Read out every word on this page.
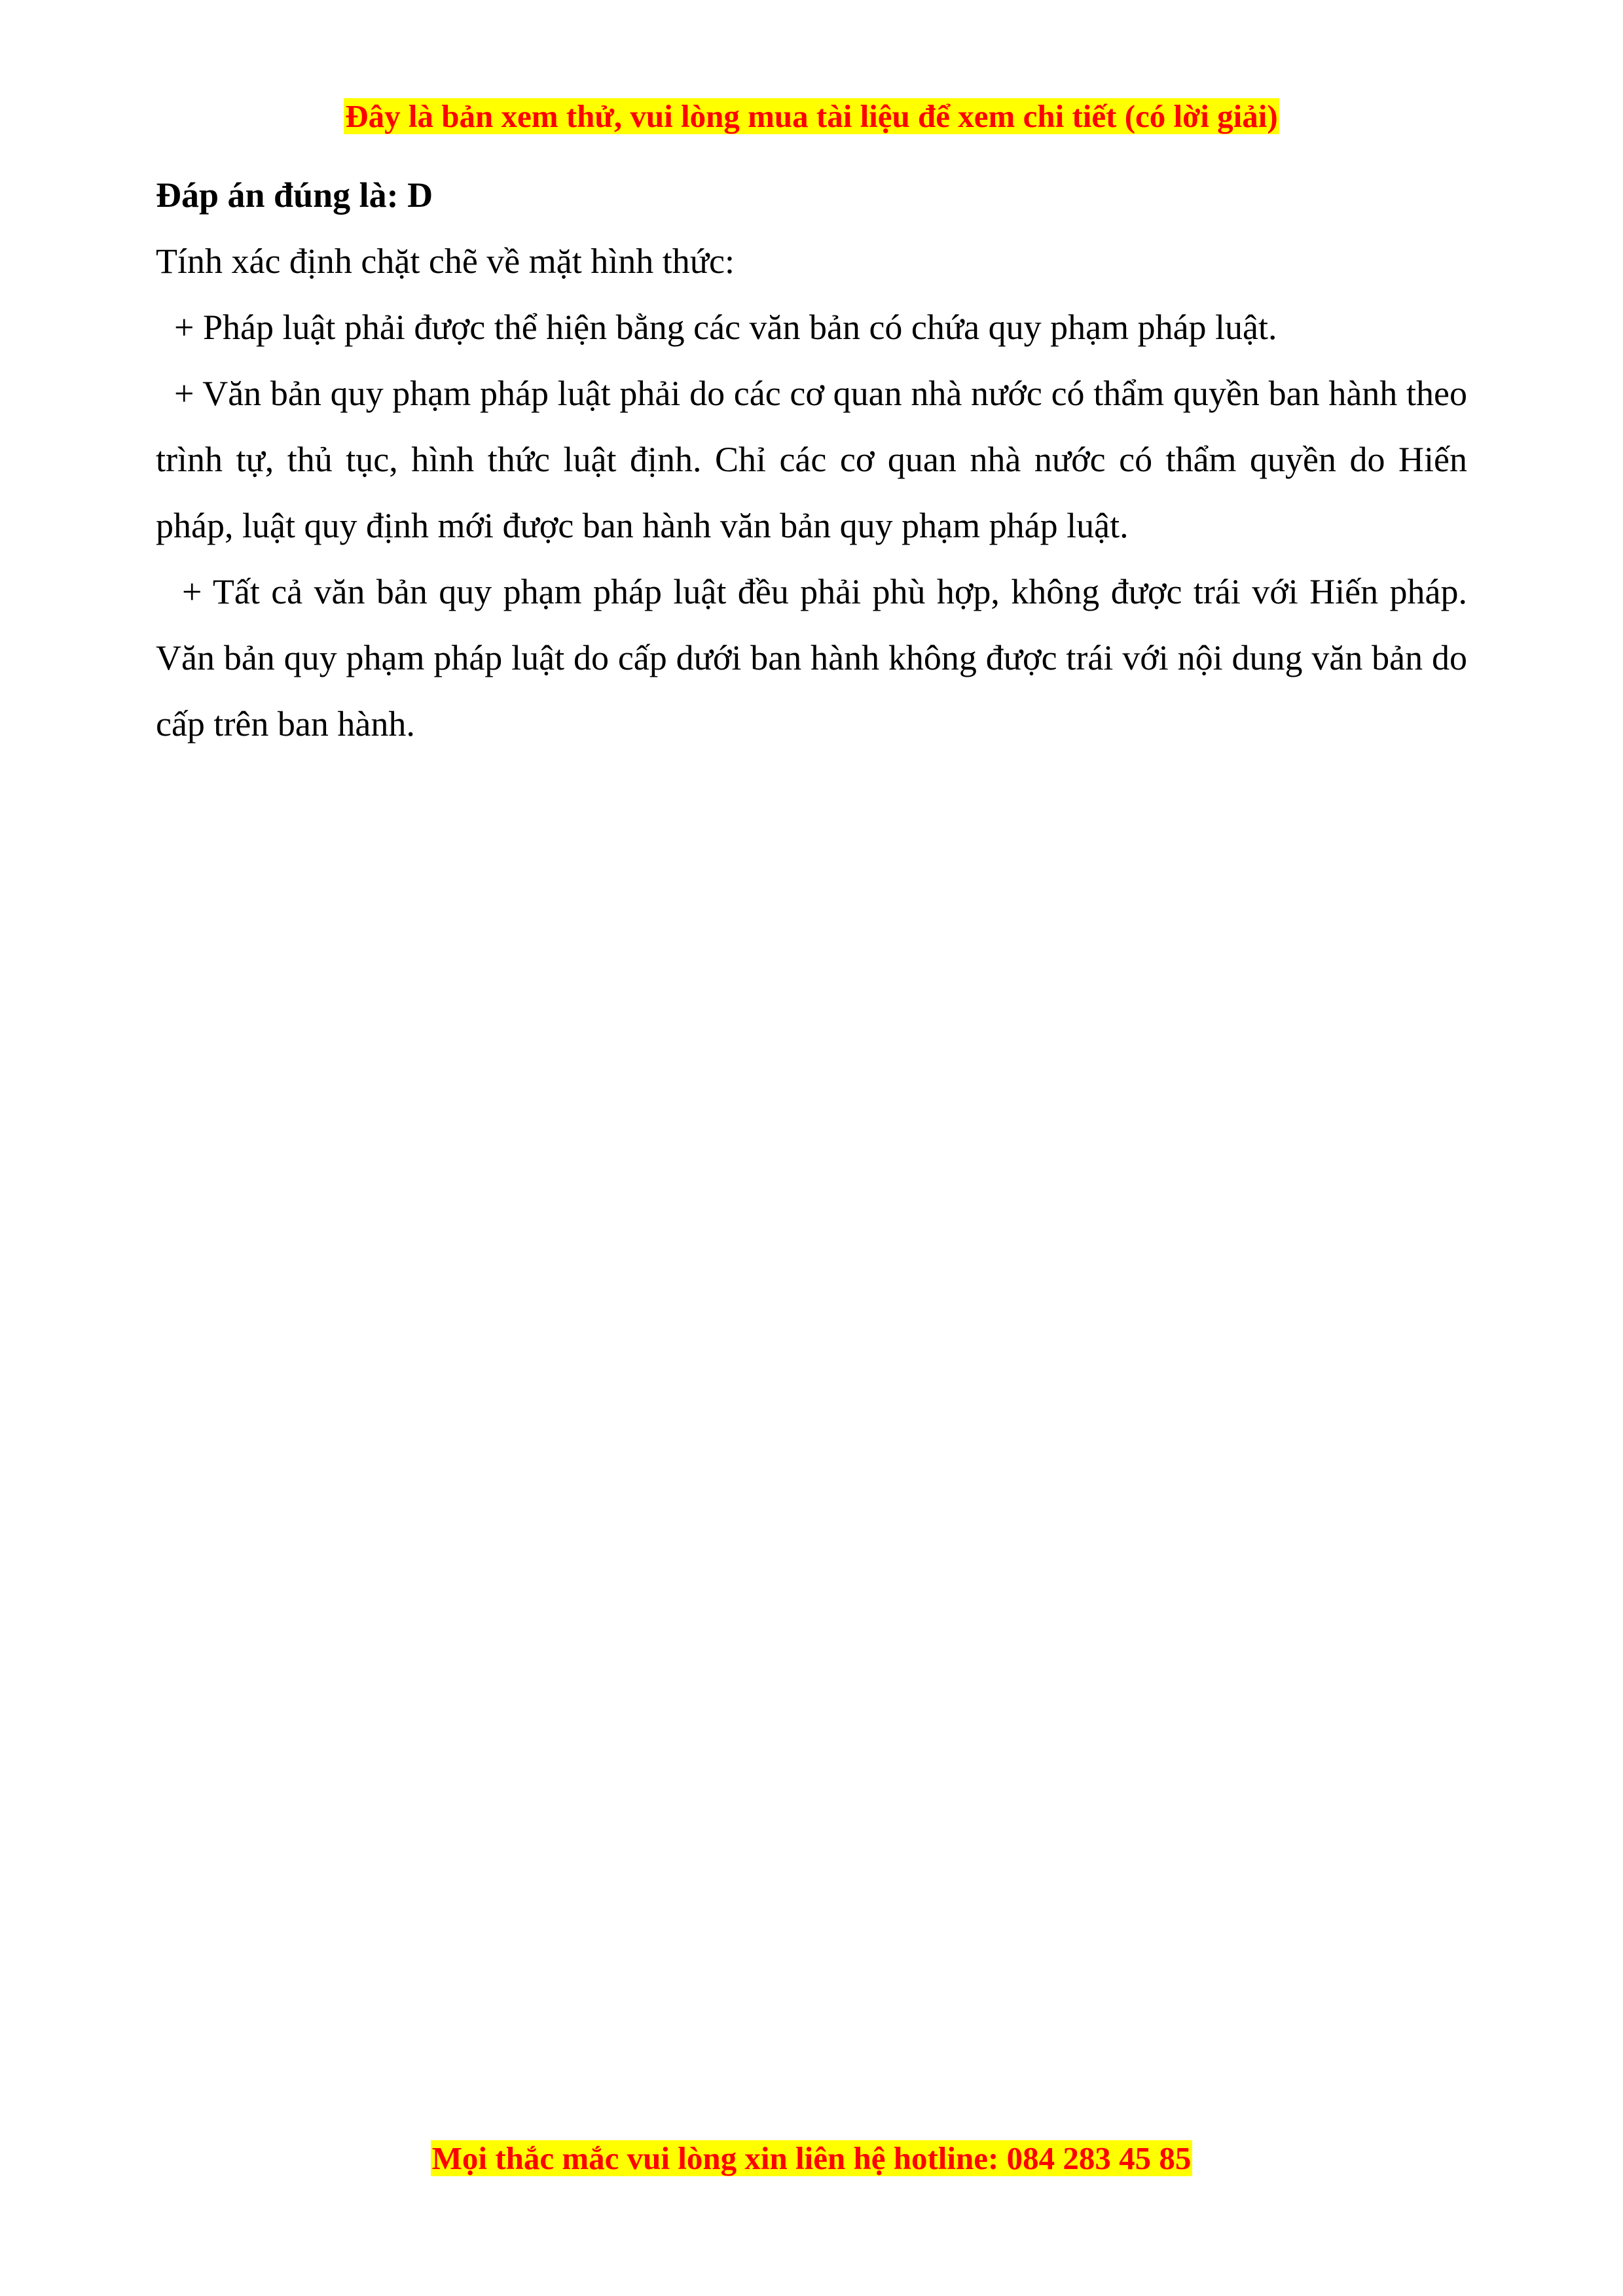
Đây là bản xem thử, vui lòng mua tài liệu để xem chi tiết (có lời giải)

Đáp án đúng là: D

Tính xác định chặt chẽ về mặt hình thức:

+ Pháp luật phải được thể hiện bằng các văn bản có chứa quy phạm pháp luật.

+ Văn bản quy phạm pháp luật phải do các cơ quan nhà nước có thẩm quyền ban hành theo trình tự, thủ tục, hình thức luật định. Chỉ các cơ quan nhà nước có thẩm quyền do Hiến pháp, luật quy định mới được ban hành văn bản quy phạm pháp luật.

+ Tất cả văn bản quy phạm pháp luật đều phải phù hợp, không được trái với Hiến pháp. Văn bản quy phạm pháp luật do cấp dưới ban hành không được trái với nội dung văn bản do cấp trên ban hành.

Mọi thắc mắc vui lòng xin liên hệ hotline: 084 283 45 85
